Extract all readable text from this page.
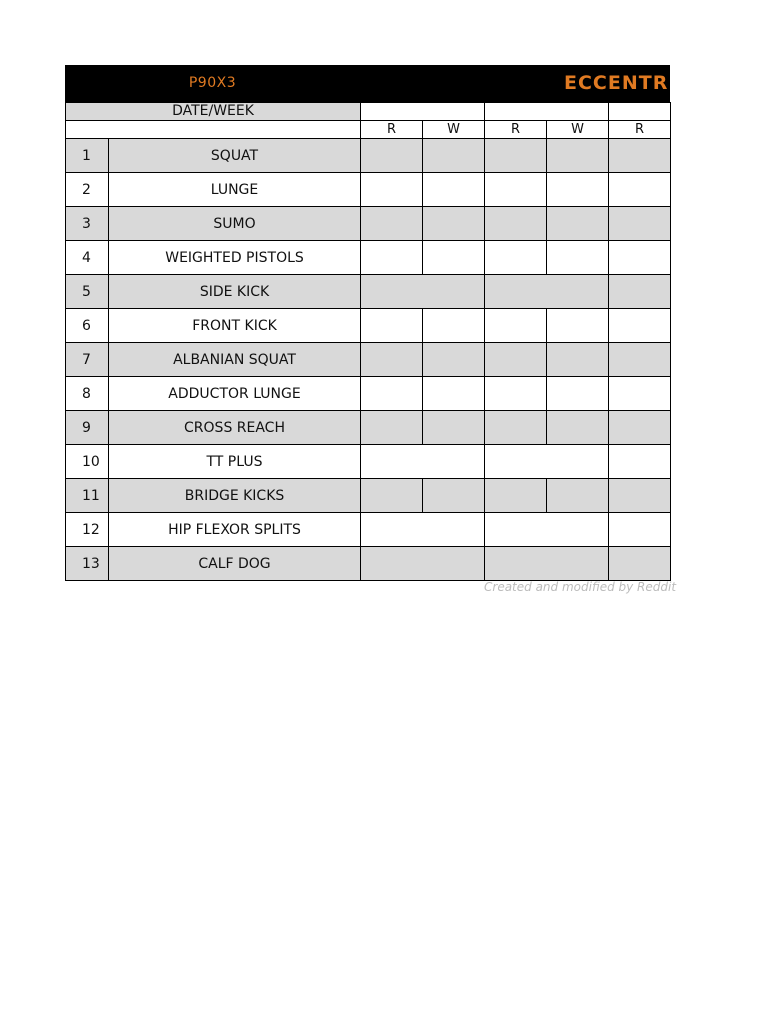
P90X3	ECCENTR
DATE/WEEK						
		R	W	R	W	R
1	SQUAT					
2	LUNGE					
3	SUMO					
4	WEIGHTED PISTOLS					
5	SIDE KICK					
6	FRONT KICK					
7	ALBANIAN SQUAT					
8	ADDUCTOR LUNGE					
9	CROSS REACH					
10	TT PLUS					
11	BRIDGE KICKS					
12	HIP FLEXOR SPLITS					
13	CALF DOG					
Created and modified by Reddit
